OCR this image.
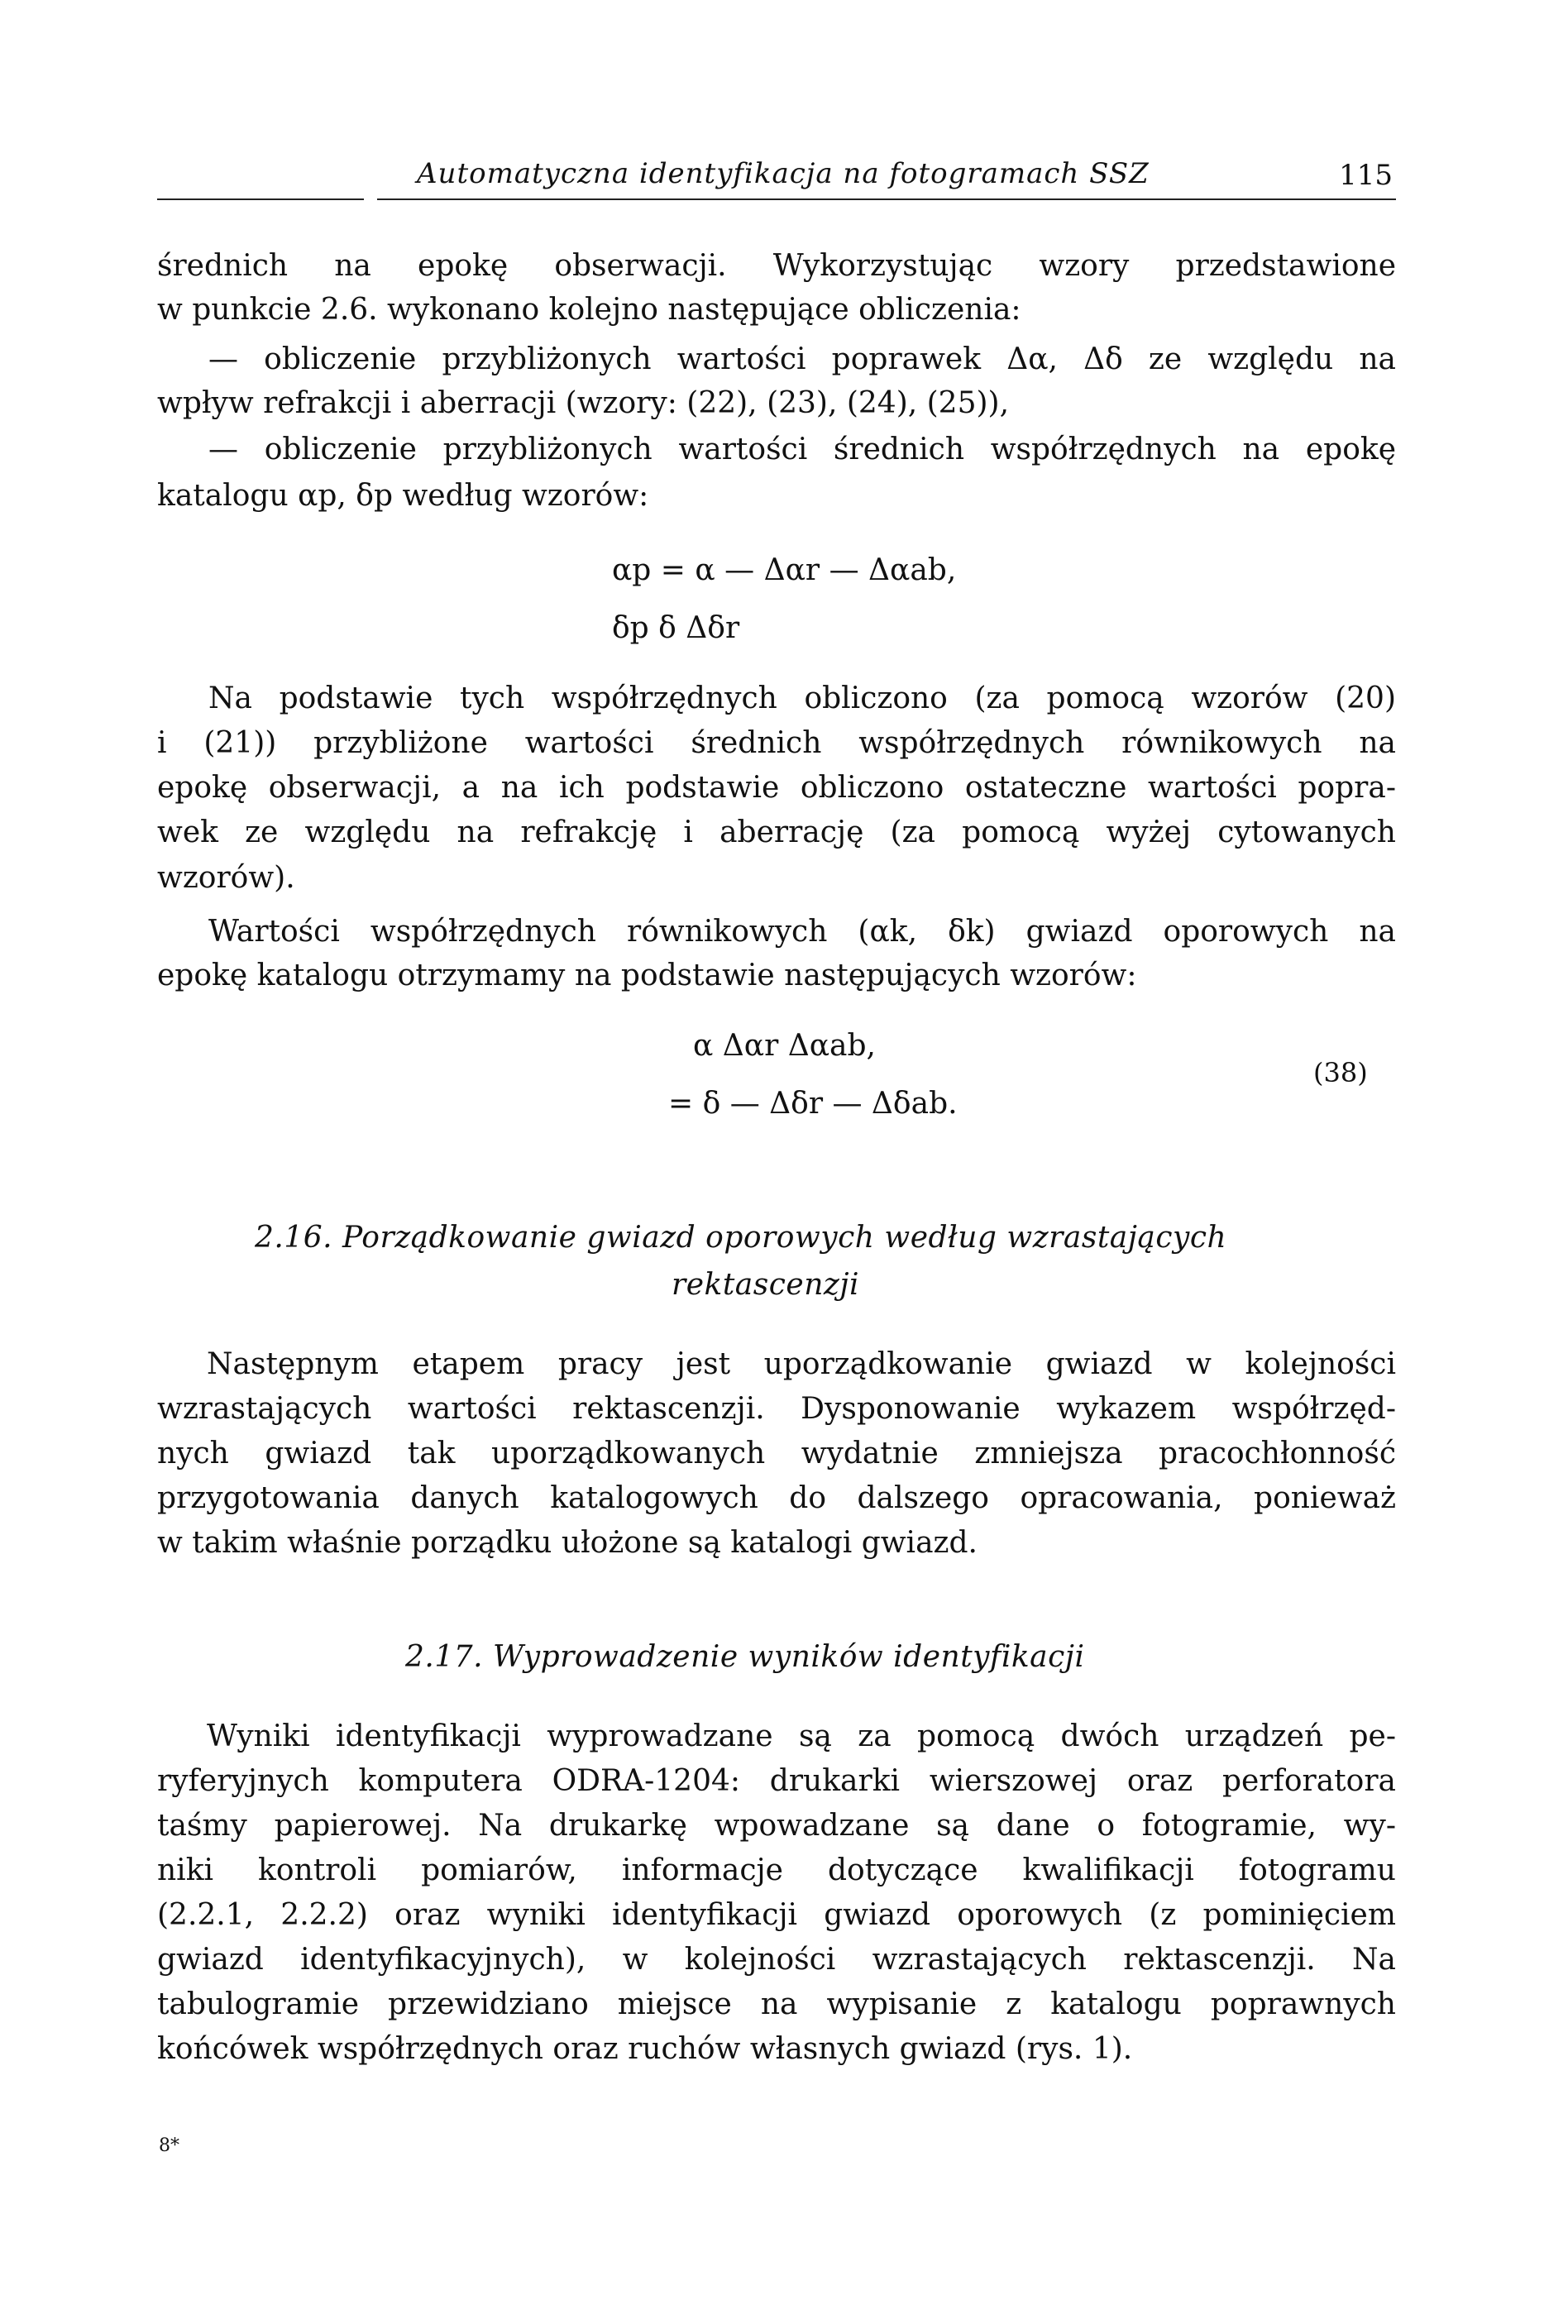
Automatyczna identyfikacja na fotogramach SSZ	115
średnich na epokę obserwacji. Wykorzystując wzory przedstawione
w punkcie 2.6. wykonano kolejno następujące obliczenia:
— obliczenie przybliżonych wartości poprawek Δα, Δδ ze względu na
wpływ refrakcji i aberracji (wzory: (22), (23), (24), (25)),
— obliczenie przybliżonych wartości średnich współrzędnych na epokę
katalogu αp, δp według wzorów:
αp = α — Δαr — Δαab,
δp δ Δδr
Na podstawie tych współrzędnych obliczono (za pomocą wzorów (20)
i (21)) przybliżone wartości średnich współrzędnych równikowych na
epokę obserwacji, a na ich podstawie obliczono ostateczne wartości popra-
wek ze względu na refrakcję i aberrację (za pomocą wyżej cytowanych
wzorów).
Wartości współrzędnych równikowych (αk, δk) gwiazd oporowych na
epokę katalogu otrzymamy na podstawie następujących wzorów:
α Δαr Δαab,
= δ — Δδr — Δδab.
(38)
2.16. Porządkowanie gwiazd oporowych według wzrastających
rektascenzji
Następnym etapem pracy jest uporządkowanie gwiazd w kolejności
wzrastających wartości rektascenzji. Dysponowanie wykazem współrzęd-
nych gwiazd tak uporządkowanych wydatnie zmniejsza pracochłonność
przygotowania danych katalogowych do dalszego opracowania, ponieważ
w takim właśnie porządku ułożone są katalogi gwiazd.
2.17. Wyprowadzenie wyników identyfikacji
Wyniki identyfikacji wyprowadzane są za pomocą dwóch urządzeń pe-
ryferyjnych komputera ODRA-1204: drukarki wierszowej oraz perforatora
taśmy papierowej. Na drukarkę wpowadzane są dane o fotogramie, wy-
niki kontroli pomiarów, informacje dotyczące kwalifikacji fotogramu
(2.2.1, 2.2.2) oraz wyniki identyfikacji gwiazd oporowych (z pominięciem
gwiazd identyfikacyjnych), w kolejności wzrastających rektascenzji. Na
tabulogramie przewidziano miejsce na wypisanie z katalogu poprawnych
końcówek współrzędnych oraz ruchów własnych gwiazd (rys. 1).
8*
